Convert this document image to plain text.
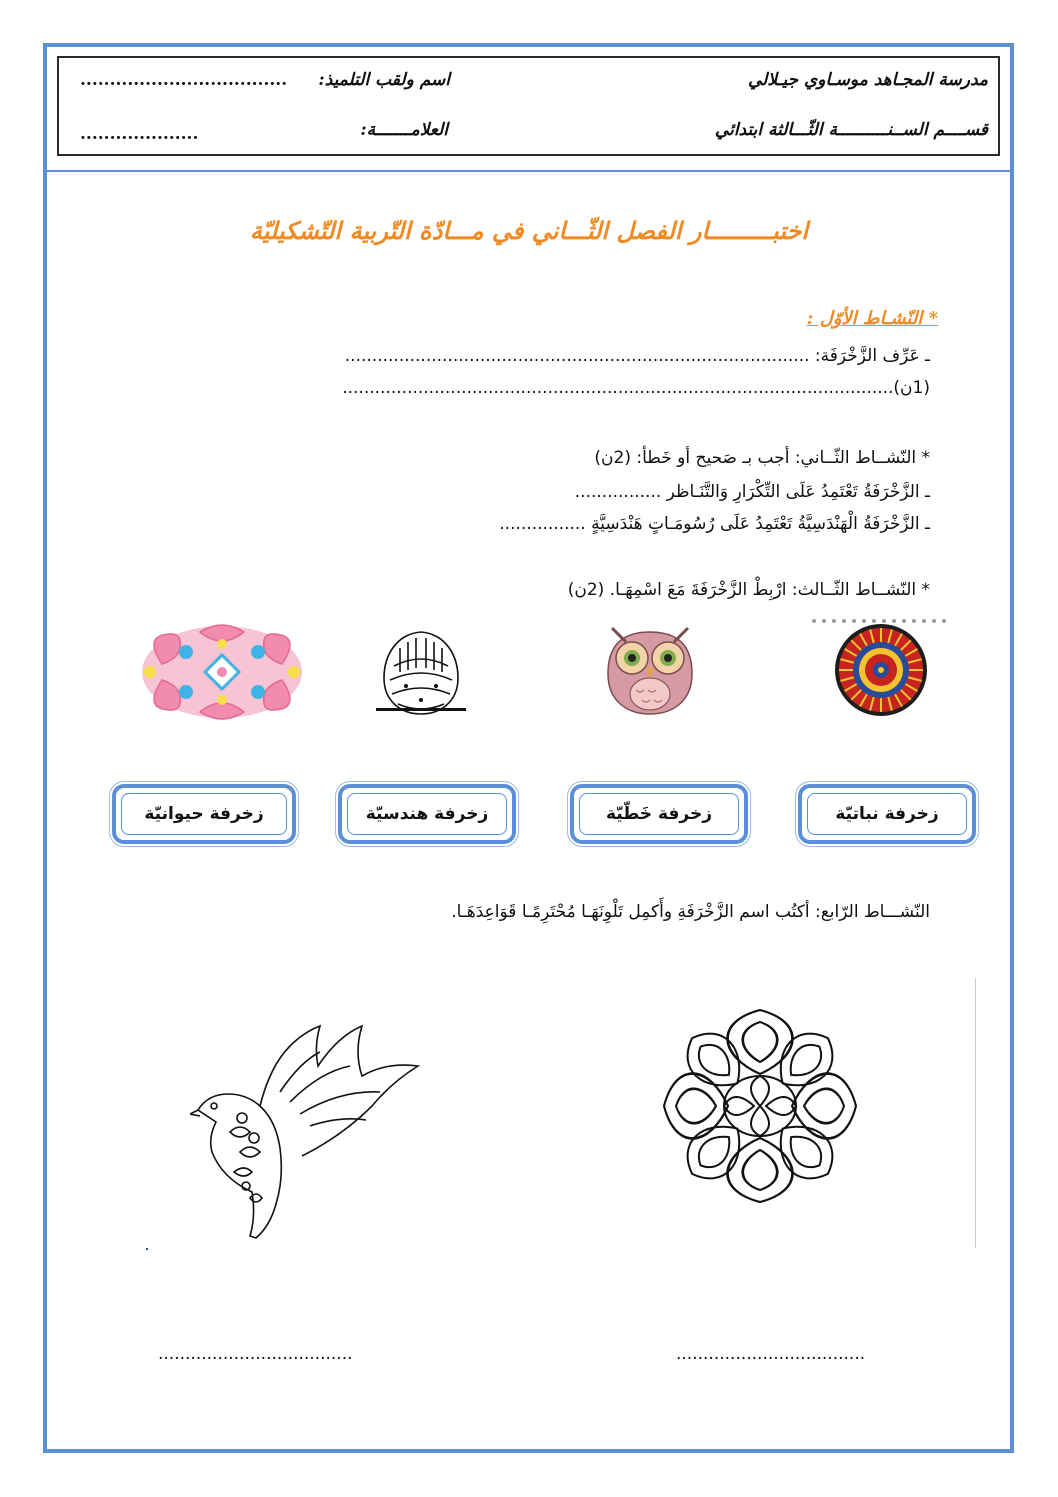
مدرسة المجـاهد موسـاوي جيـلالي
اسم ولقب التلميذ:
...................................
قســــم الســنــــــــــة الثّـــالثة ابتدائي
العلامـــــــة:
....................
اختبـــــــــار الفصل الثّـــاني في مـــادّة التّربية التّشكيليّة
* النّشـاط الأوّل :
ـ عَرِّف الزَّخْرَفَة: ......................................................................................
(1ن)......................................................................................................
* النّشــاط الثّــاني: أجب بـ صَحيح أو خَطأ: (2ن)
ـ الزَّخْرَفَةُ تَعْتَمِدُ عَلَى التِّكْرَارِ وَالتَّنَـاظر ................
ـ الزَّخْرَفَةُ الْهَنْدَسِيَّةُ تَعْتَمِدُ عَلَى رُسُومَـاتٍ هَنْدَسِيَّةٍ ................
* النّشــاط الثّــالث: ارْبِطْ الزَّخْرَفَةَ مَعَ اسْمِهَـا. (2ن)
زخرفة نباتيّة
زخرفة خَطّيّة
زخرفة هندسيّة
زخرفة حيوانيّة
النّشـــاط الرّابع: أكتُب اسم الزَّخْرَفَةِ وأَكمِل تَلْوِنَهَـا مُحْتَرِمًـا قَوَاعِدَهَـا.
...................................
....................................
